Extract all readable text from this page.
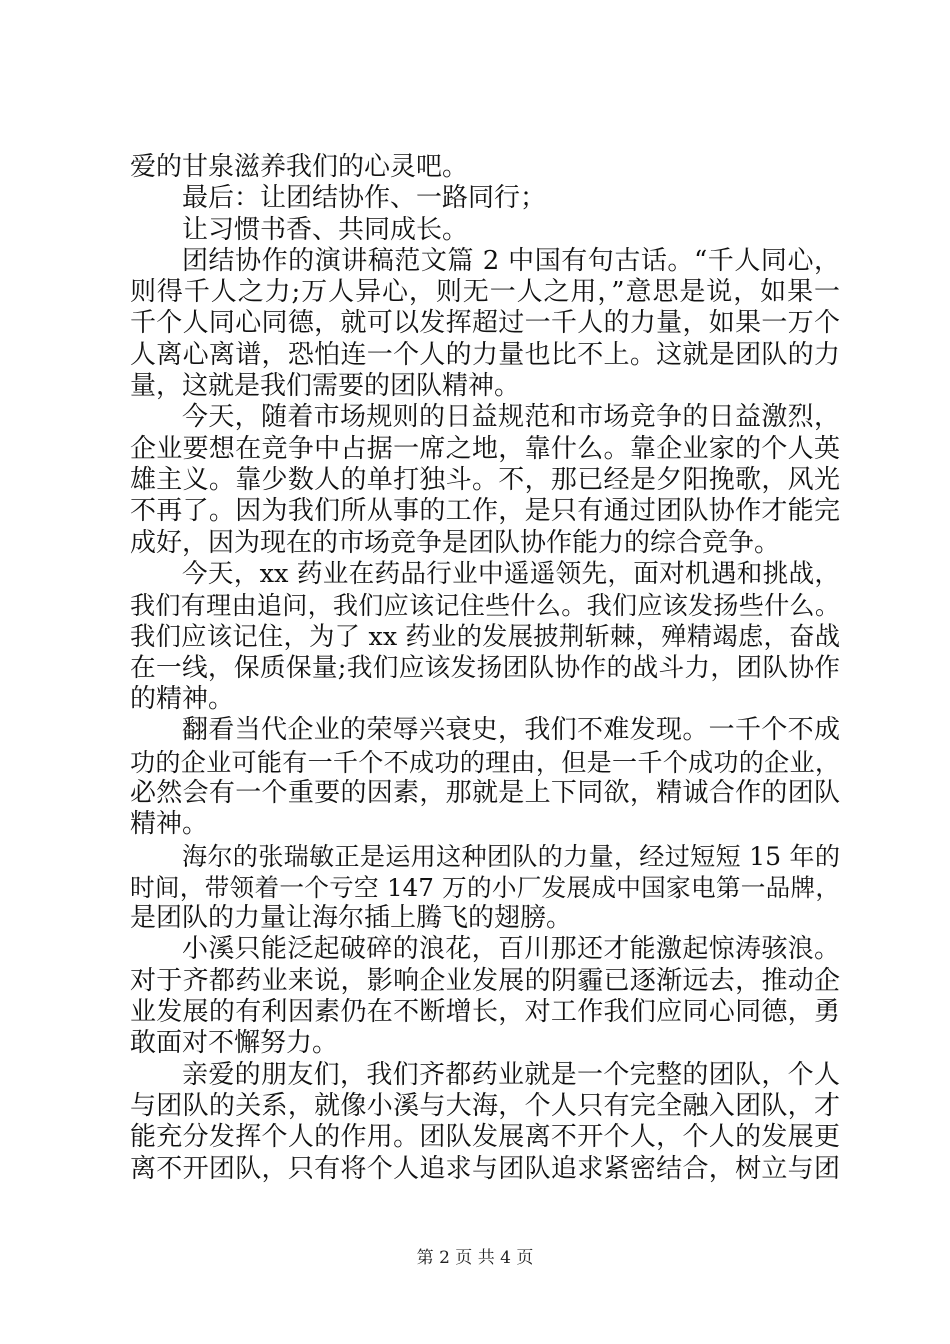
爱的甘泉滋养我们的心灵吧。
最后：让团结协作、一路同行；
让习惯书香、共同成长。
团结协作的演讲稿范文篇 2 中国有句古话。“千人同心，
则得千人之力;万人异心，则无一人之用，”意思是说，如果一
千个人同心同德，就可以发挥超过一千人的力量，如果一万个
人离心离谱，恐怕连一个人的力量也比不上。这就是团队的力
量，这就是我们需要的团队精神。
今天，随着市场规则的日益规范和市场竞争的日益激烈，
企业要想在竞争中占据一席之地，靠什么。靠企业家的个人英
雄主义。靠少数人的单打独斗。不，那已经是夕阳挽歌，风光
不再了。因为我们所从事的工作，是只有通过团队协作才能完
成好，因为现在的市场竞争是团队协作能力的综合竞争。
今天，xx 药业在药品行业中遥遥领先，面对机遇和挑战，
我们有理由追问，我们应该记住些什么。我们应该发扬些什么。
我们应该记住，为了 xx 药业的发展披荆斩棘，殚精竭虑，奋战
在一线，保质保量;我们应该发扬团队协作的战斗力，团队协作
的精神。
翻看当代企业的荣辱兴衰史，我们不难发现。一千个不成
功的企业可能有一千个不成功的理由，但是一千个成功的企业，
必然会有一个重要的因素，那就是上下同欲，精诚合作的团队
精神。
海尔的张瑞敏正是运用这种团队的力量，经过短短 15 年的
时间，带领着一个亏空 147 万的小厂发展成中国家电第一品牌，
是团队的力量让海尔插上腾飞的翅膀。
小溪只能泛起破碎的浪花，百川那还才能激起惊涛骇浪。
对于齐都药业来说，影响企业发展的阴霾已逐渐远去，推动企
业发展的有利因素仍在不断增长，对工作我们应同心同德，勇
敢面对不懈努力。
亲爱的朋友们，我们齐都药业就是一个完整的团队，个人
与团队的关系，就像小溪与大海，个人只有完全融入团队，才
能充分发挥个人的作用。团队发展离不开个人，个人的发展更
离不开团队，只有将个人追求与团队追求紧密结合，树立与团
第 2 页 共 4 页
